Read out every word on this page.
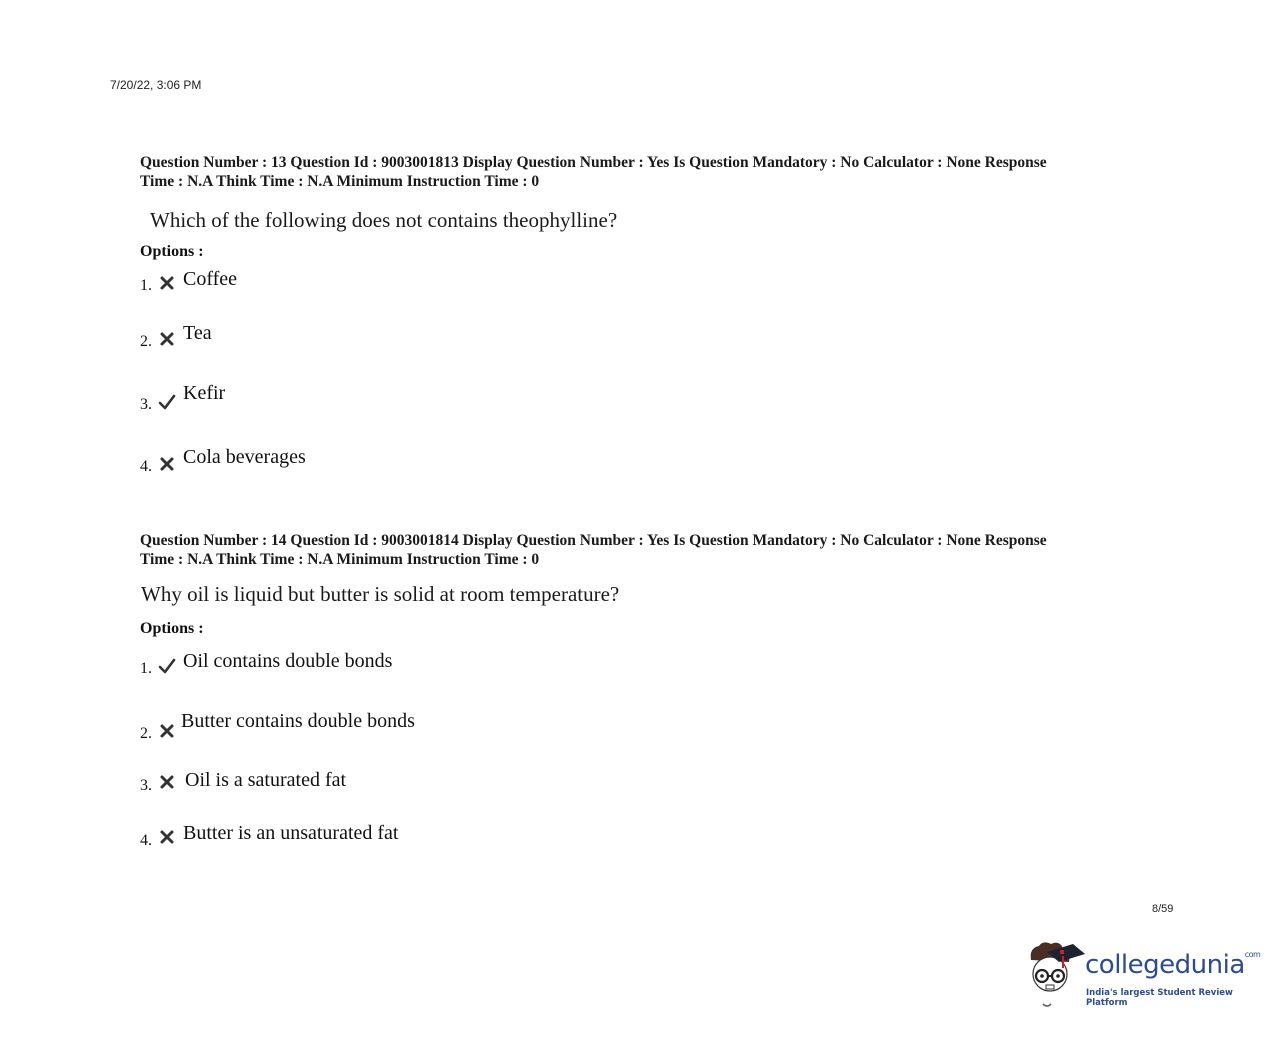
7/20/22, 3:06 PM
Question Number : 13 Question Id : 9003001813 Display Question Number : Yes Is Question Mandatory : No Calculator : None Response
Time : N.A Think Time : N.A Minimum Instruction Time : 0
Which of the following does not contains theophylline?
Options :
1. Coffee
2. Tea
3.
Kefir
4. Cola beverages
Question Number : 14 Question Id : 9003001814 Display Question Number : Yes Is Question Mandatory : No Calculator : None Response
Time : N.A Think Time : N.A Minimum Instruction Time : 0
Why oil is liquid but butter is solid at room temperature?
Options :
1. Oil contains double bonds
2.
Butter contains double bonds
3. Oil is a saturated fat
4. Butter is an unsaturated fat
8/59
collegedunia$^{com}$
India's largest Student Review Platform
